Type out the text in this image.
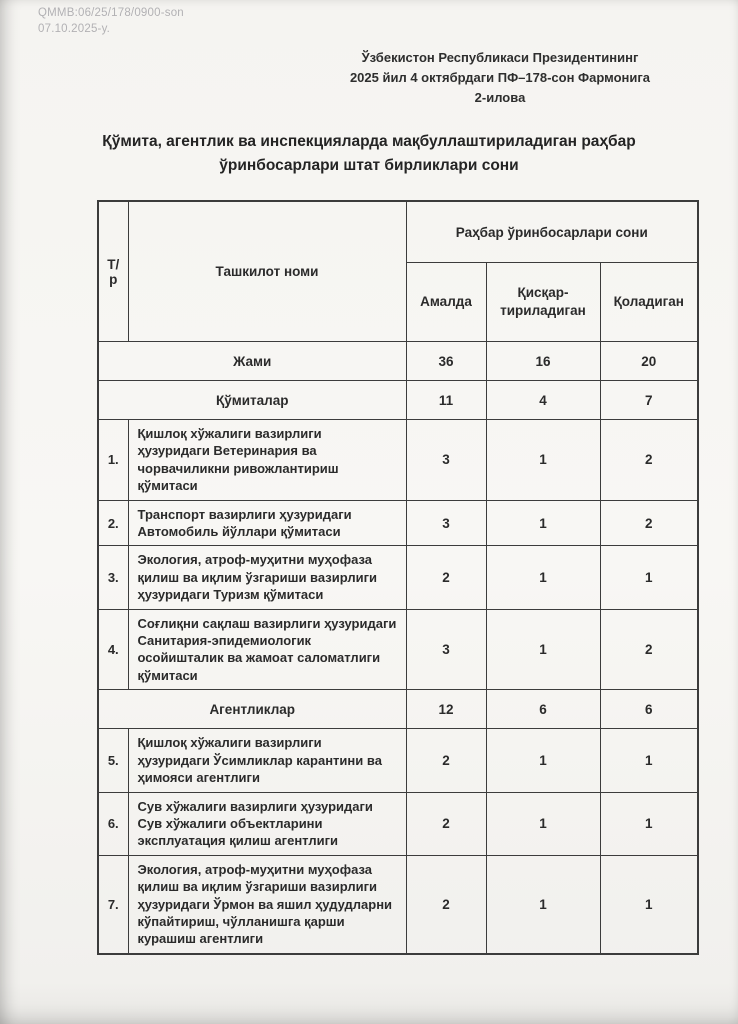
QMMB:06/25/178/0900-son
07.10.2025-y.
Ўзбекистон Республикаси Президентининг
2025 йил 4 октябрдаги ПФ–178-сон Фармонига
2-илова
Қўмита, агентлик ва инспекцияларда мақбуллаштириладиган раҳбар ўринбосарлари штат бирликлари сони
Т/р	Ташкилот номи	Раҳбар ўринбосарлари сони		
		Амалда	Қисқар-тириладиган	Қоладиган
Жами		36	16	20
Қўмиталар		11	4	7
1.	Қишлоқ хўжалиги вазирлиги ҳузуридаги Ветеринария ва чорвачиликни ривожлантириш қўмитаси	3	1	2
2.	Транспорт вазирлиги ҳузуридаги Автомобиль йўллари қўмитаси	3	1	2
3.	Экология, атроф-муҳитни муҳофаза қилиш ва иқлим ўзгариши вазирлиги ҳузуридаги Туризм қўмитаси	2	1	1
4.	Соғлиқни сақлаш вазирлиги ҳузуридаги Санитария-эпидемиологик осойишталик ва жамоат саломатлиги қўмитаси	3	1	2
Агентликлар		12	6	6
5.	Қишлоқ хўжалиги вазирлиги ҳузуридаги Ўсимликлар карантини ва ҳимояси агентлиги	2	1	1
6.	Сув хўжалиги вазирлиги ҳузуридаги Сув хўжалиги объектларини эксплуатация қилиш агентлиги	2	1	1
7.	Экология, атроф-муҳитни муҳофаза қилиш ва иқлим ўзгариши вазирлиги ҳузуридаги Ўрмон ва яшил ҳудудларни кўпайтириш, чўлланишга қарши курашиш агентлиги	2	1	1
